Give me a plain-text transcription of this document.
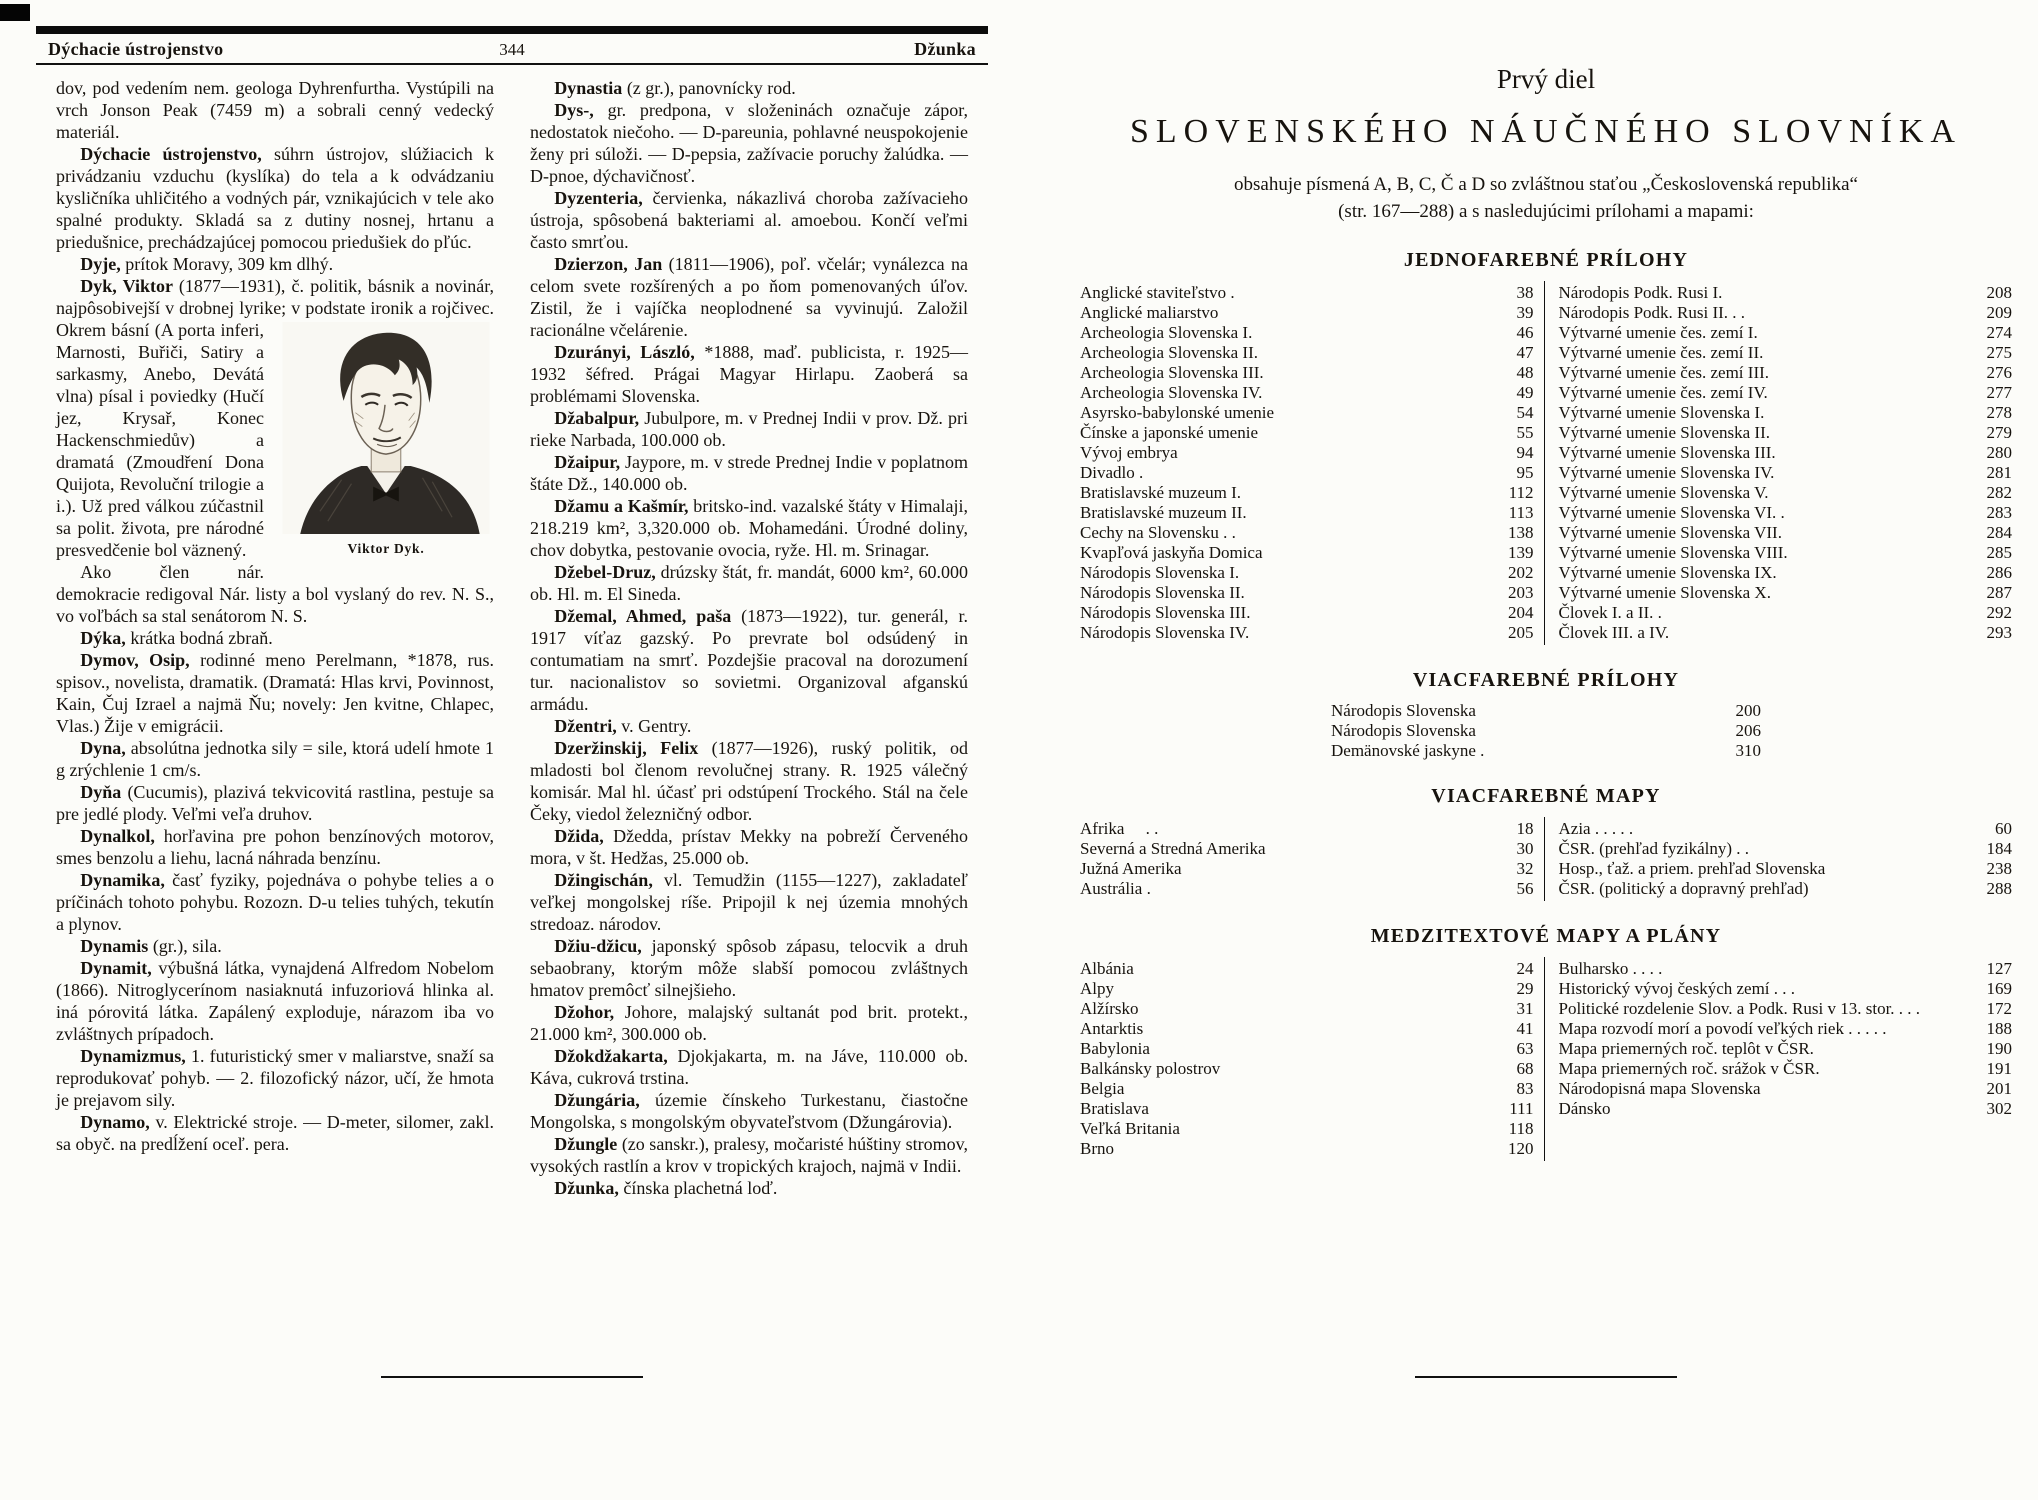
Dýchacie ústrojenstvo	344	Džunka

dov, pod vedením nem. geologa Dyhrenfurtha. Vystúpili na vrch Jonson Peak (7459 m) a sobrali cenný vedecký materiál.

Dýchacie ústrojenstvo, súhrn ústrojov, slúžiacich k privádzaniu vzduchu (kyslíka) do tela a k odvádzaniu kysličníka uhličitého a vodných pár, vznikajúcich v tele ako spalné produkty. Skladá sa z dutiny nosnej, hrtanu a priedušnice, prechádzajúcej pomocou priedušiek do pľúc.

Dyje, prítok Moravy, 309 km dlhý.

Dyk, Viktor (1877—1931), č. politik, básnik a novinár, najpôsobivejší v drobnej lyrike; v podstate ironik a rojčivec. Okrem básní
Viktor Dyk.
(A porta inferi, Marnosti, Buřiči, Satiry a sarkasmy, Anebo, Devátá vlna) písal i poviedky (Hučí jez, Krysař, Konec Hackenschmiedův) a dramatá (Zmoudření Dona Quijota, Revoluční trilogie a i.). Už pred válkou zúčastnil sa polit. života, pre národné presvedčenie bol väznený.

Ako člen nár. demokracie redigoval Nár. listy a bol vyslaný do rev. N. S., vo voľbách sa stal senátorom N. S.

Dýka, krátka bodná zbraň.

Dymov, Osip, rodinné meno Perelmann, *1878, rus. spisov., novelista, dramatik. (Dramatá: Hlas krvi, Povinnost, Kain, Čuj Izrael a najmä Ňu; novely: Jen kvitne, Chlapec, Vlas.) Žije v emigrácii.

Dyna, absolútna jednotka sily = sile, ktorá udelí hmote 1 g zrýchlenie 1 cm/s.

Dyňa (Cucumis), plazivá tekvicovitá rastlina, pestuje sa pre jedlé plody. Veľmi veľa druhov.

Dynalkol, horľavina pre pohon benzínových motorov, smes benzolu a liehu, lacná náhrada benzínu.

Dynamika, časť fyziky, pojednáva o pohybe telies a o príčinách tohoto pohybu. Rozozn. D-u telies tuhých, tekutín a plynov.

Dynamis (gr.), sila.

Dynamit, výbušná látka, vynajdená Alfredom Nobelom (1866). Nitroglycerínom nasiaknutá infuzoriová hlinka al. iná pórovitá látka. Zapálený exploduje, nárazom iba vo zvláštnych prípadoch.

Dynamizmus, 1. futuristický smer v maliarstve, snaží sa reprodukovať pohyb. — 2. filozofický názor, učí, že hmota je prejavom sily.

Dynamo, v. Elektrické stroje. — D-meter, silomer, zakl. sa obyč. na predĺžení oceľ. pera.

Dynastia (z gr.), panovnícky rod.

Dys-, gr. predpona, v složeninách označuje zápor, nedostatok niečoho. — D-pareunia, pohlavné neuspokojenie ženy pri súloži. — D-pepsia, zažívacie poruchy žalúdka. — D-pnoe, dýchavičnosť.

Dyzenteria, červienka, nákazlivá choroba zažívacieho ústroja, spôsobená bakteriami al. amoebou. Končí veľmi často smrťou.

Dzierzon, Jan (1811—1906), poľ. včelár; vynálezca na celom svete rozšírených a po ňom pomenovaných úľov. Zistil, že i vajíčka neoplodnené sa vyvinujú. Založil racionálne včelárenie.

Dzurányi, László, *1888, maď. publicista, r. 1925—1932 šéfred. Prágai Magyar Hirlapu. Zaoberá sa problémami Slovenska.

Džabalpur, Jubulpore, m. v Prednej Indii v prov. Dž. pri rieke Narbada, 100.000 ob.

Džaipur, Jaypore, m. v strede Prednej Indie v poplatnom štáte Dž., 140.000 ob.

Džamu a Kašmír, britsko-ind. vazalské štáty v Himalaji, 218.219 km², 3,320.000 ob. Mohamedáni. Úrodné doliny, chov dobytka, pestovanie ovocia, ryže. Hl. m. Srinagar.

Džebel-Druz, drúzsky štát, fr. mandát, 6000 km², 60.000 ob. Hl. m. El Sineda.

Džemal, Ahmed, paša (1873—1922), tur. generál, r. 1917 víťaz gazský. Po prevrate bol odsúdený in contumatiam na smrť. Pozdejšie pracoval na dorozumení tur. nacionalistov so sovietmi. Organizoval afganskú armádu.

Džentri, v. Gentry.

Dzeržinskij, Felix (1877—1926), ruský politik, od mladosti bol členom revolučnej strany. R. 1925 válečný komisár. Mal hl. účasť pri odstúpení Trockého. Stál na čele Čeky, viedol železničný odbor.

Džida, Džedda, prístav Mekky na pobreží Červeného mora, v št. Hedžas, 25.000 ob.

Džingischán, vl. Temudžin (1155—1227), zakladateľ veľkej mongolskej ríše. Pripojil k nej územia mnohých stredoaz. národov.

Džiu-džicu, japonský spôsob zápasu, telocvik a druh sebaobrany, ktorým môže slabší pomocou zvláštnych hmatov premôcť silnejšieho.

Džohor, Johore, malajský sultanát pod brit. protekt., 21.000 km², 300.000 ob.

Džokdžakarta, Djokjakarta, m. na Jáve, 110.000 ob. Káva, cukrová trstina.

Džungária, územie čínskeho Turkestanu, čiastočne Mongolska, s mongolským obyvateľstvom (Džungárovia).

Džungle (zo sanskr.), pralesy, močaristé húštiny stromov, vysokých rastlín a krov v tropických krajoch, najmä v Indii.

Džunka, čínska plachetná loď.

Prvý diel
SLOVENSKÉHO NÁUČNÉHO SLOVNÍKA
obsahuje písmená A, B, C, Č a D so zvláštnou staťou „Československá republika“
(str. 167—288) a s nasledujúcimi prílohami a mapami:
JEDNOFAREBNÉ PRÍLOHY
Anglické staviteľstvo .	38
Anglické maliarstvo	39
Archeologia Slovenska I.	46
Archeologia Slovenska II.	47
Archeologia Slovenska III.	48
Archeologia Slovenska IV.	49
Asyrsko-babylonské umenie	54
Čínske a japonské umenie	55
Vývoj embrya	94
Divadlo .	95
Bratislavské muzeum I.	112
Bratislavské muzeum II.	113
Cechy na Slovensku . .	138
Kvapľová jaskyňa Domica	139
Národopis Slovenska I.	202
Národopis Slovenska II.	203
Národopis Slovenska III.	204
Národopis Slovenska IV.	205
Národopis Podk. Rusi I.	208
Národopis Podk. Rusi II. . .	209
Výtvarné umenie čes. zemí I.	274
Výtvarné umenie čes. zemí II.	275
Výtvarné umenie čes. zemí III.	276
Výtvarné umenie čes. zemí IV.	277
Výtvarné umenie Slovenska I.	278
Výtvarné umenie Slovenska II.	279
Výtvarné umenie Slovenska III.	280
Výtvarné umenie Slovenska IV.	281
Výtvarné umenie Slovenska V.	282
Výtvarné umenie Slovenska VI. .	283
Výtvarné umenie Slovenska VII.	284
Výtvarné umenie Slovenska VIII.	285
Výtvarné umenie Slovenska IX.	286
Výtvarné umenie Slovenska X.	287
Človek I. a II. .	292
Človek III. a IV.	293
VIACFAREBNÉ PRÍLOHY
Národopis Slovenska	200
Národopis Slovenska	206
Demänovské jaskyne .	310
VIACFAREBNÉ MAPY
Afrika　 . .	18
Severná a Stredná Amerika	30
Južná Amerika	32
Austrália .	56
Azia . . . . .	60
ČSR. (prehľad fyzikálny) . .	184
Hosp., ťaž. a priem. prehľad Slovenska	238
ČSR. (politický a dopravný prehľad)	288
MEDZITEXTOVÉ MAPY A PLÁNY
Albánia	24
Alpy	29
Alžírsko	31
Antarktis	41
Babylonia	63
Balkánsky polostrov	68
Belgia	83
Bratislava	111
Veľká Britania	118
Brno	120
Bulharsko . . . .	127
Historický vývoj českých zemí . . .	169
Politické rozdelenie Slov. a Podk. Rusi v 13. stor. . . .	172
Mapa rozvodí morí a povodí veľkých riek . . . . .	188
Mapa priemerných roč. teplôt v ČSR.	190
Mapa priemerných roč. srážok v ČSR.	191
Národopisná mapa Slovenska	201
Dánsko	302
